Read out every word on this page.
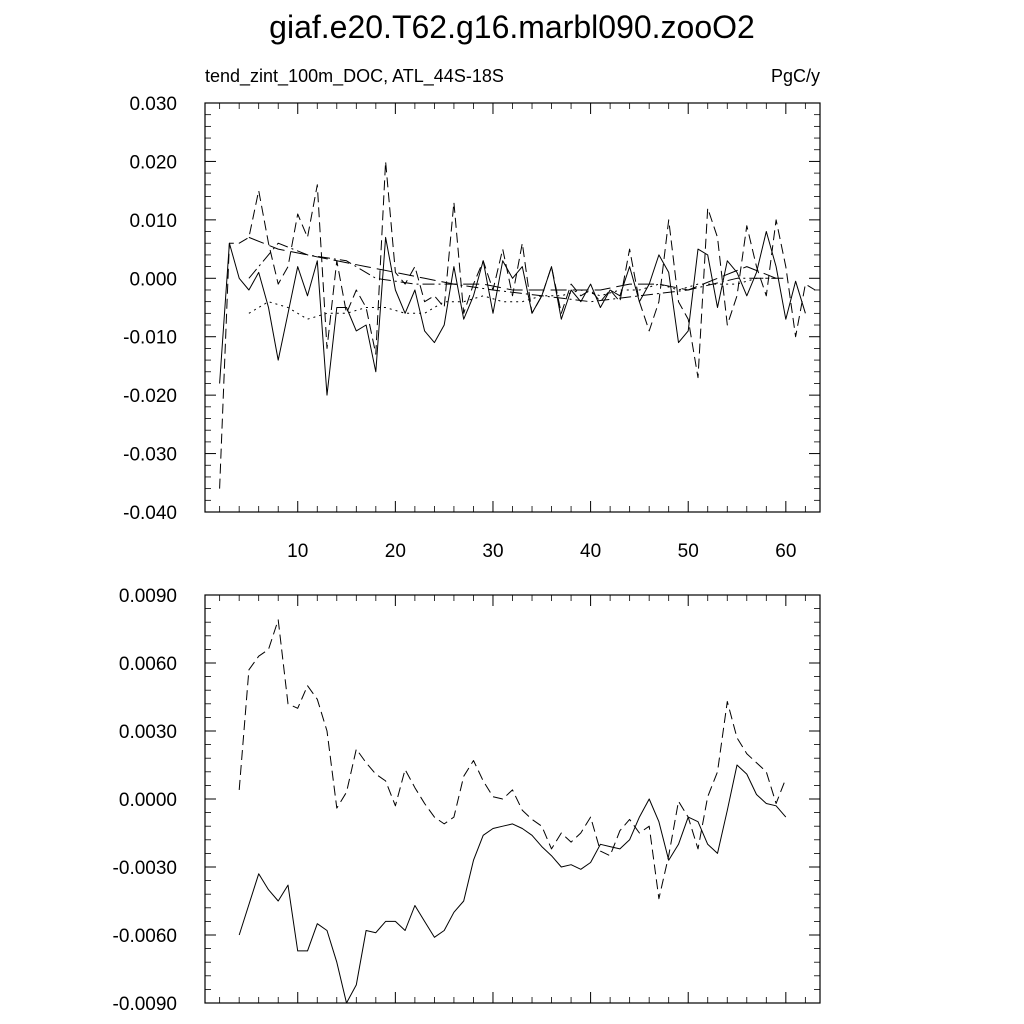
giaf.e20.T62.g16.marbl090.zooO2
tend_zint_100m_DOC, ATL_44S-18S	PgC/y
-0.040
-0.030
-0.020
-0.010
0.000
0.010
0.020
0.030
10	20	30	40	50	60
-0.0090
-0.0060
-0.0030
0.0000
0.0030
0.0060
0.0090
